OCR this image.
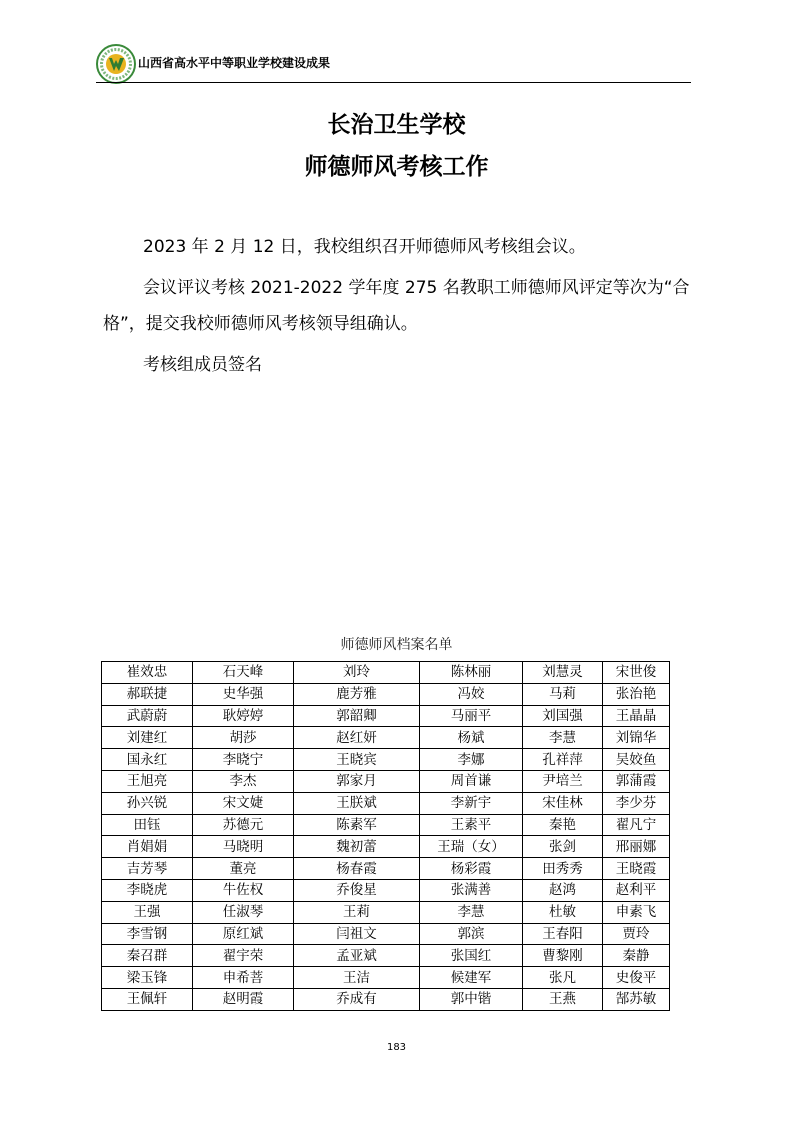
山西省高水平中等职业学校建设成果
长治卫生学校
师德师风考核工作
2023 年 2 月 12 日，我校组织召开师德师风考核组会议。
会议评议考核 2021-2022 学年度 275 名教职工师德师风评定等次为“合格”，提交我校师德师风考核领导组确认。
考核组成员签名
师德师风档案名单
崔效忠	石天峰	刘玲	陈林丽	刘慧灵	宋世俊
郝联捷	史华强	鹿芳雅	冯姣	马莉	张治艳
武蔚蔚	耿婷婷	郭韶卿	马丽平	刘国强	王晶晶
刘建红	胡莎	赵红妍	杨斌	李慧	刘锦华
国永红	李晓宁	王晓宾	李娜	孔祥萍	吴姣鱼
王旭亮	李杰	郭家月	周首谦	尹培兰	郭蒲霞
孙兴锐	宋文婕	王朕斌	李新宇	宋佳林	李少芬
田钰	苏德元	陈素军	王素平	秦艳	翟凡宁
肖娟娟	马晓明	魏初蕾	王瑞（女）	张剑	邢丽娜
吉芳琴	董亮	杨春霞	杨彩霞	田秀秀	王晓霞
李晓虎	牛佐权	乔俊星	张满善	赵鸿	赵利平
王强	任淑琴	王莉	李慧	杜敏	申素飞
李雪钢	原红斌	闫祖文	郭滨	王春阳	贾玲
秦召群	翟宇荣	孟亚斌	张国红	曹黎刚	秦静
梁玉锋	申希菩	王洁	候建军	张凡	史俊平
王佩轩	赵明霞	乔成有	郭中锴	王燕	郜苏敏
183
